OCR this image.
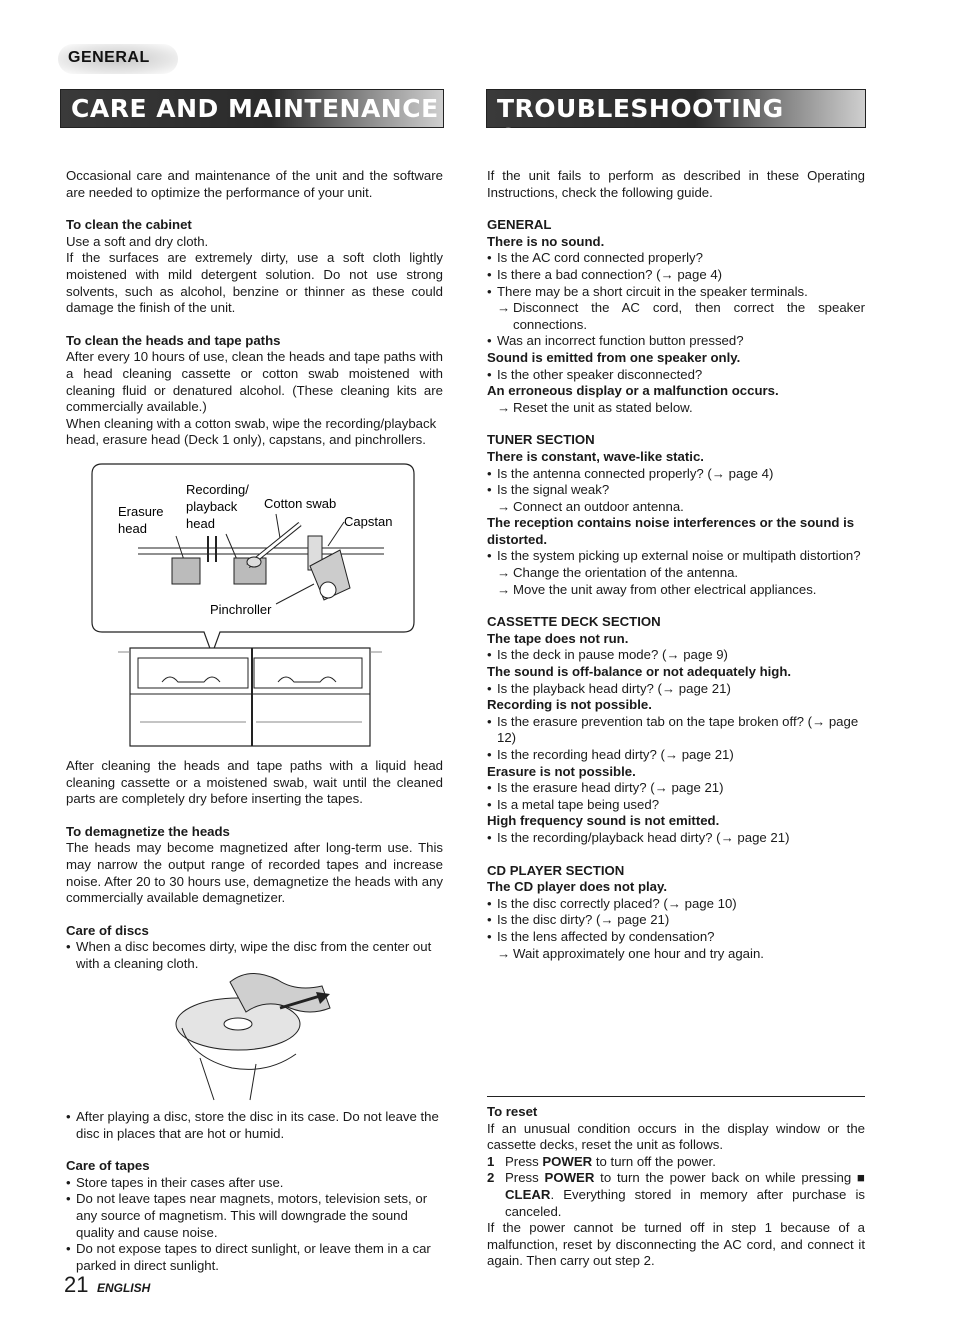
GENERAL
CARE AND MAINTENANCE TROUBLESHOOTING GUIDE

Occasional care and maintenance of the unit and the software are needed to optimize the performance of your unit.

To clean the cabinet

Use a soft and dry cloth.

If the surfaces are extremely dirty, use a soft cloth lightly moistened with mild detergent solution. Do not use strong solvents, such as alcohol, benzine or thinner as these could damage the finish of the unit.

To clean the heads and tape paths

After every 10 hours of use, clean the heads and tape paths with a head cleaning cassette or cotton swab moistened with cleaning fluid or denatured alcohol. (These cleaning kits are commercially available.)

When cleaning with a cotton swab, wipe the recording/playback head, erasure head (Deck 1 only), capstans, and pinchrollers.

Recording/
playback
head
Erasure
head
Cotton swab
Capstan
Pinchroller

After cleaning the heads and tape paths with a liquid head cleaning cassette or a moistened swab, wait until the cleaned parts are completely dry before inserting the tapes.

To demagnetize the heads

The heads may become magnetized after long-term use. This may narrow the output range of recorded tapes and increase noise. After 20 to 30 hours use, demagnetize the heads with any commercially available demagnetizer.

Care of discs

• When a disc becomes dirty, wipe the disc from the center out with a cleaning cloth.
• After playing a disc, store the disc in its case. Do not leave the disc in places that are hot or humid.

Care of tapes

• Store tapes in their cases after use.
• Do not leave tapes near magnets, motors, television sets, or any source of magnetism. This will downgrade the sound quality and cause noise.
• Do not expose tapes to direct sunlight, or leave them in a car parked in direct sunlight.
21 ENGLISH

If the unit fails to perform as described in these Operating Instructions, check the following guide.

GENERAL

There is no sound.

• Is the AC cord connected properly?
• Is there a bad connection? (→ page 4)
• There may be a short circuit in the speaker terminals.
→ Disconnect the AC cord, then correct the speaker connections.
• Was an incorrect function button pressed?

Sound is emitted from one speaker only.

• Is the other speaker disconnected?

An erroneous display or a malfunction occurs.

→ Reset the unit as stated below.

TUNER SECTION

There is constant, wave-like static.

• Is the antenna connected properly? (→ page 4)
• Is the signal weak?
→ Connect an outdoor antenna.

The reception contains noise interferences or the sound is distorted.

• Is the system picking up external noise or multipath distortion?
→ Change the orientation of the antenna.
→ Move the unit away from other electrical appliances.

CASSETTE DECK SECTION

The tape does not run.

• Is the deck in pause mode? (→ page 9)

The sound is off-balance or not adequately high.

• Is the playback head dirty? (→ page 21)

Recording is not possible.

• Is the erasure prevention tab on the tape broken off? (→ page 12)
• Is the recording head dirty? (→ page 21)

Erasure is not possible.

• Is the erasure head dirty? (→ page 21)
• Is a metal tape being used?

High frequency sound is not emitted.

• Is the recording/playback head dirty? (→ page 21)

CD PLAYER SECTION

The CD player does not play.

• Is the disc correctly placed? (→ page 10)
• Is the disc dirty? (→ page 21)
• Is the lens affected by condensation?
→ Wait approximately one hour and try again.

To reset

If an unusual condition occurs in the display window or the cassette decks, reset the unit as follows.

1 Press POWER to turn off the power.

2 Press POWER to turn the power back on while pressing ■ CLEAR. Everything stored in memory after purchase is canceled.

If the power cannot be turned off in step 1 because of a malfunction, reset by disconnecting the AC cord, and connect it again. Then carry out step 2.
